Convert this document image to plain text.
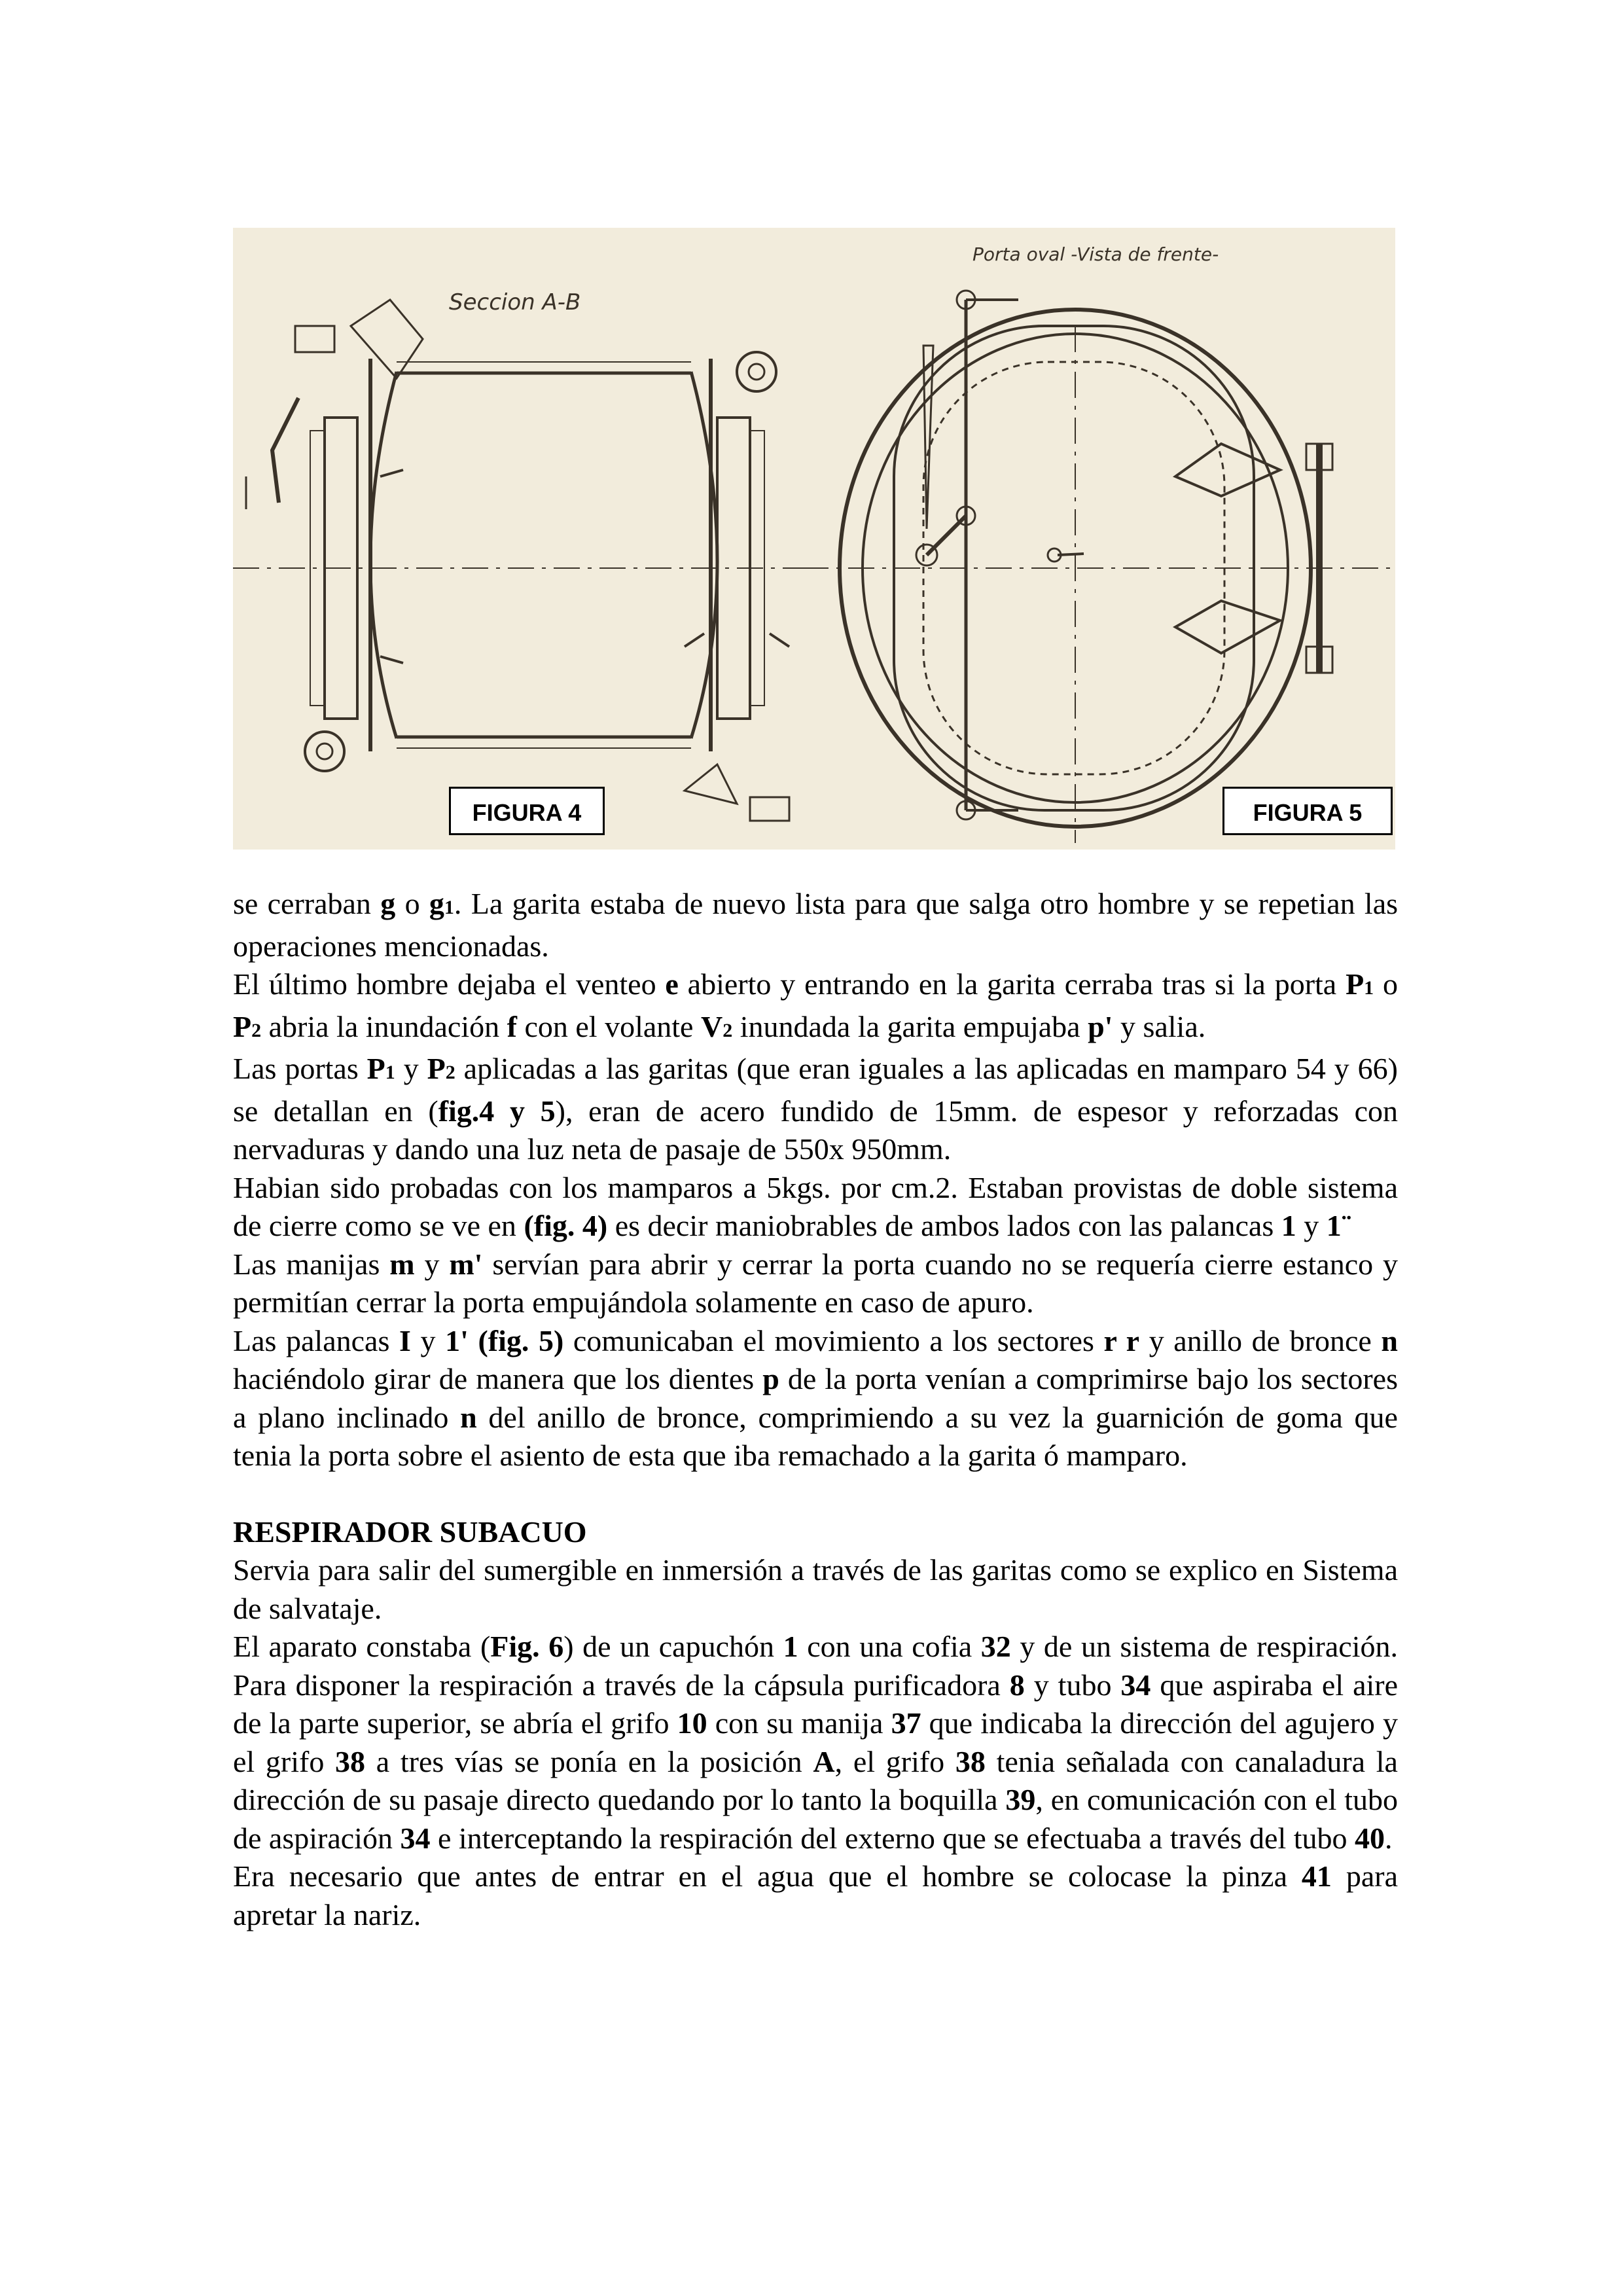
Seccion A-B
Porta oval -Vista de frente-
FIGURA 4	FIGURA 5

se cerraban g o g1. La garita estaba de nuevo lista para que salga otro hombre y se repetian las operaciones mencionadas.

El último hombre dejaba el venteo e abierto y entrando en la garita cerraba tras si la porta P1 o P2 abria la inundación f con el volante V2 inundada la garita empujaba p' y salia.

Las portas P1 y P2 aplicadas a las garitas (que eran iguales a las aplicadas en mamparo 54 y 66) se detallan en (fig.4 y 5), eran de acero fundido de 15mm. de espesor y reforzadas con nervaduras y dando una luz neta de pasaje de 550x 950mm.

Habian sido probadas con los mamparos a 5kgs. por cm.2. Estaban provistas de doble sistema de cierre como se ve en (fig. 4) es decir maniobrables de ambos lados con las palancas 1 y 1¨

Las manijas m y m' servían para abrir y cerrar la porta cuando no se requería cierre estanco y permitían cerrar la porta empujándola solamente en caso de apuro.

Las palancas I y 1' (fig. 5) comunicaban el movimiento a los sectores r r y anillo de bronce n haciéndolo girar de manera que los dientes p de la porta venían a comprimirse bajo los sectores a plano inclinado n del anillo de bronce, comprimiendo a su vez la guarnición de goma que tenia la porta sobre el asiento de esta que iba remachado a la garita ó mamparo.

RESPIRADOR SUBACUO

Servia para salir del sumergible en inmersión a través de las garitas como se explico en Sistema de salvataje.

El aparato constaba (Fig. 6) de un capuchón 1 con una cofia 32 y de un sistema de respiración. Para disponer la respiración a través de la cápsula purificadora 8 y tubo 34 que aspiraba el aire de la parte superior, se abría el grifo 10 con su manija 37 que indicaba la dirección del agujero y el grifo 38 a tres vías se ponía en la posición A, el grifo 38 tenia señalada con canaladura la dirección de su pasaje directo quedando por lo tanto la boquilla 39, en comunicación con el tubo de aspiración 34 e interceptando la respiración del externo que se efectuaba a través del tubo 40.

Era necesario que antes de entrar en el agua que el hombre se colocase la pinza 41 para

apretar la nariz.
